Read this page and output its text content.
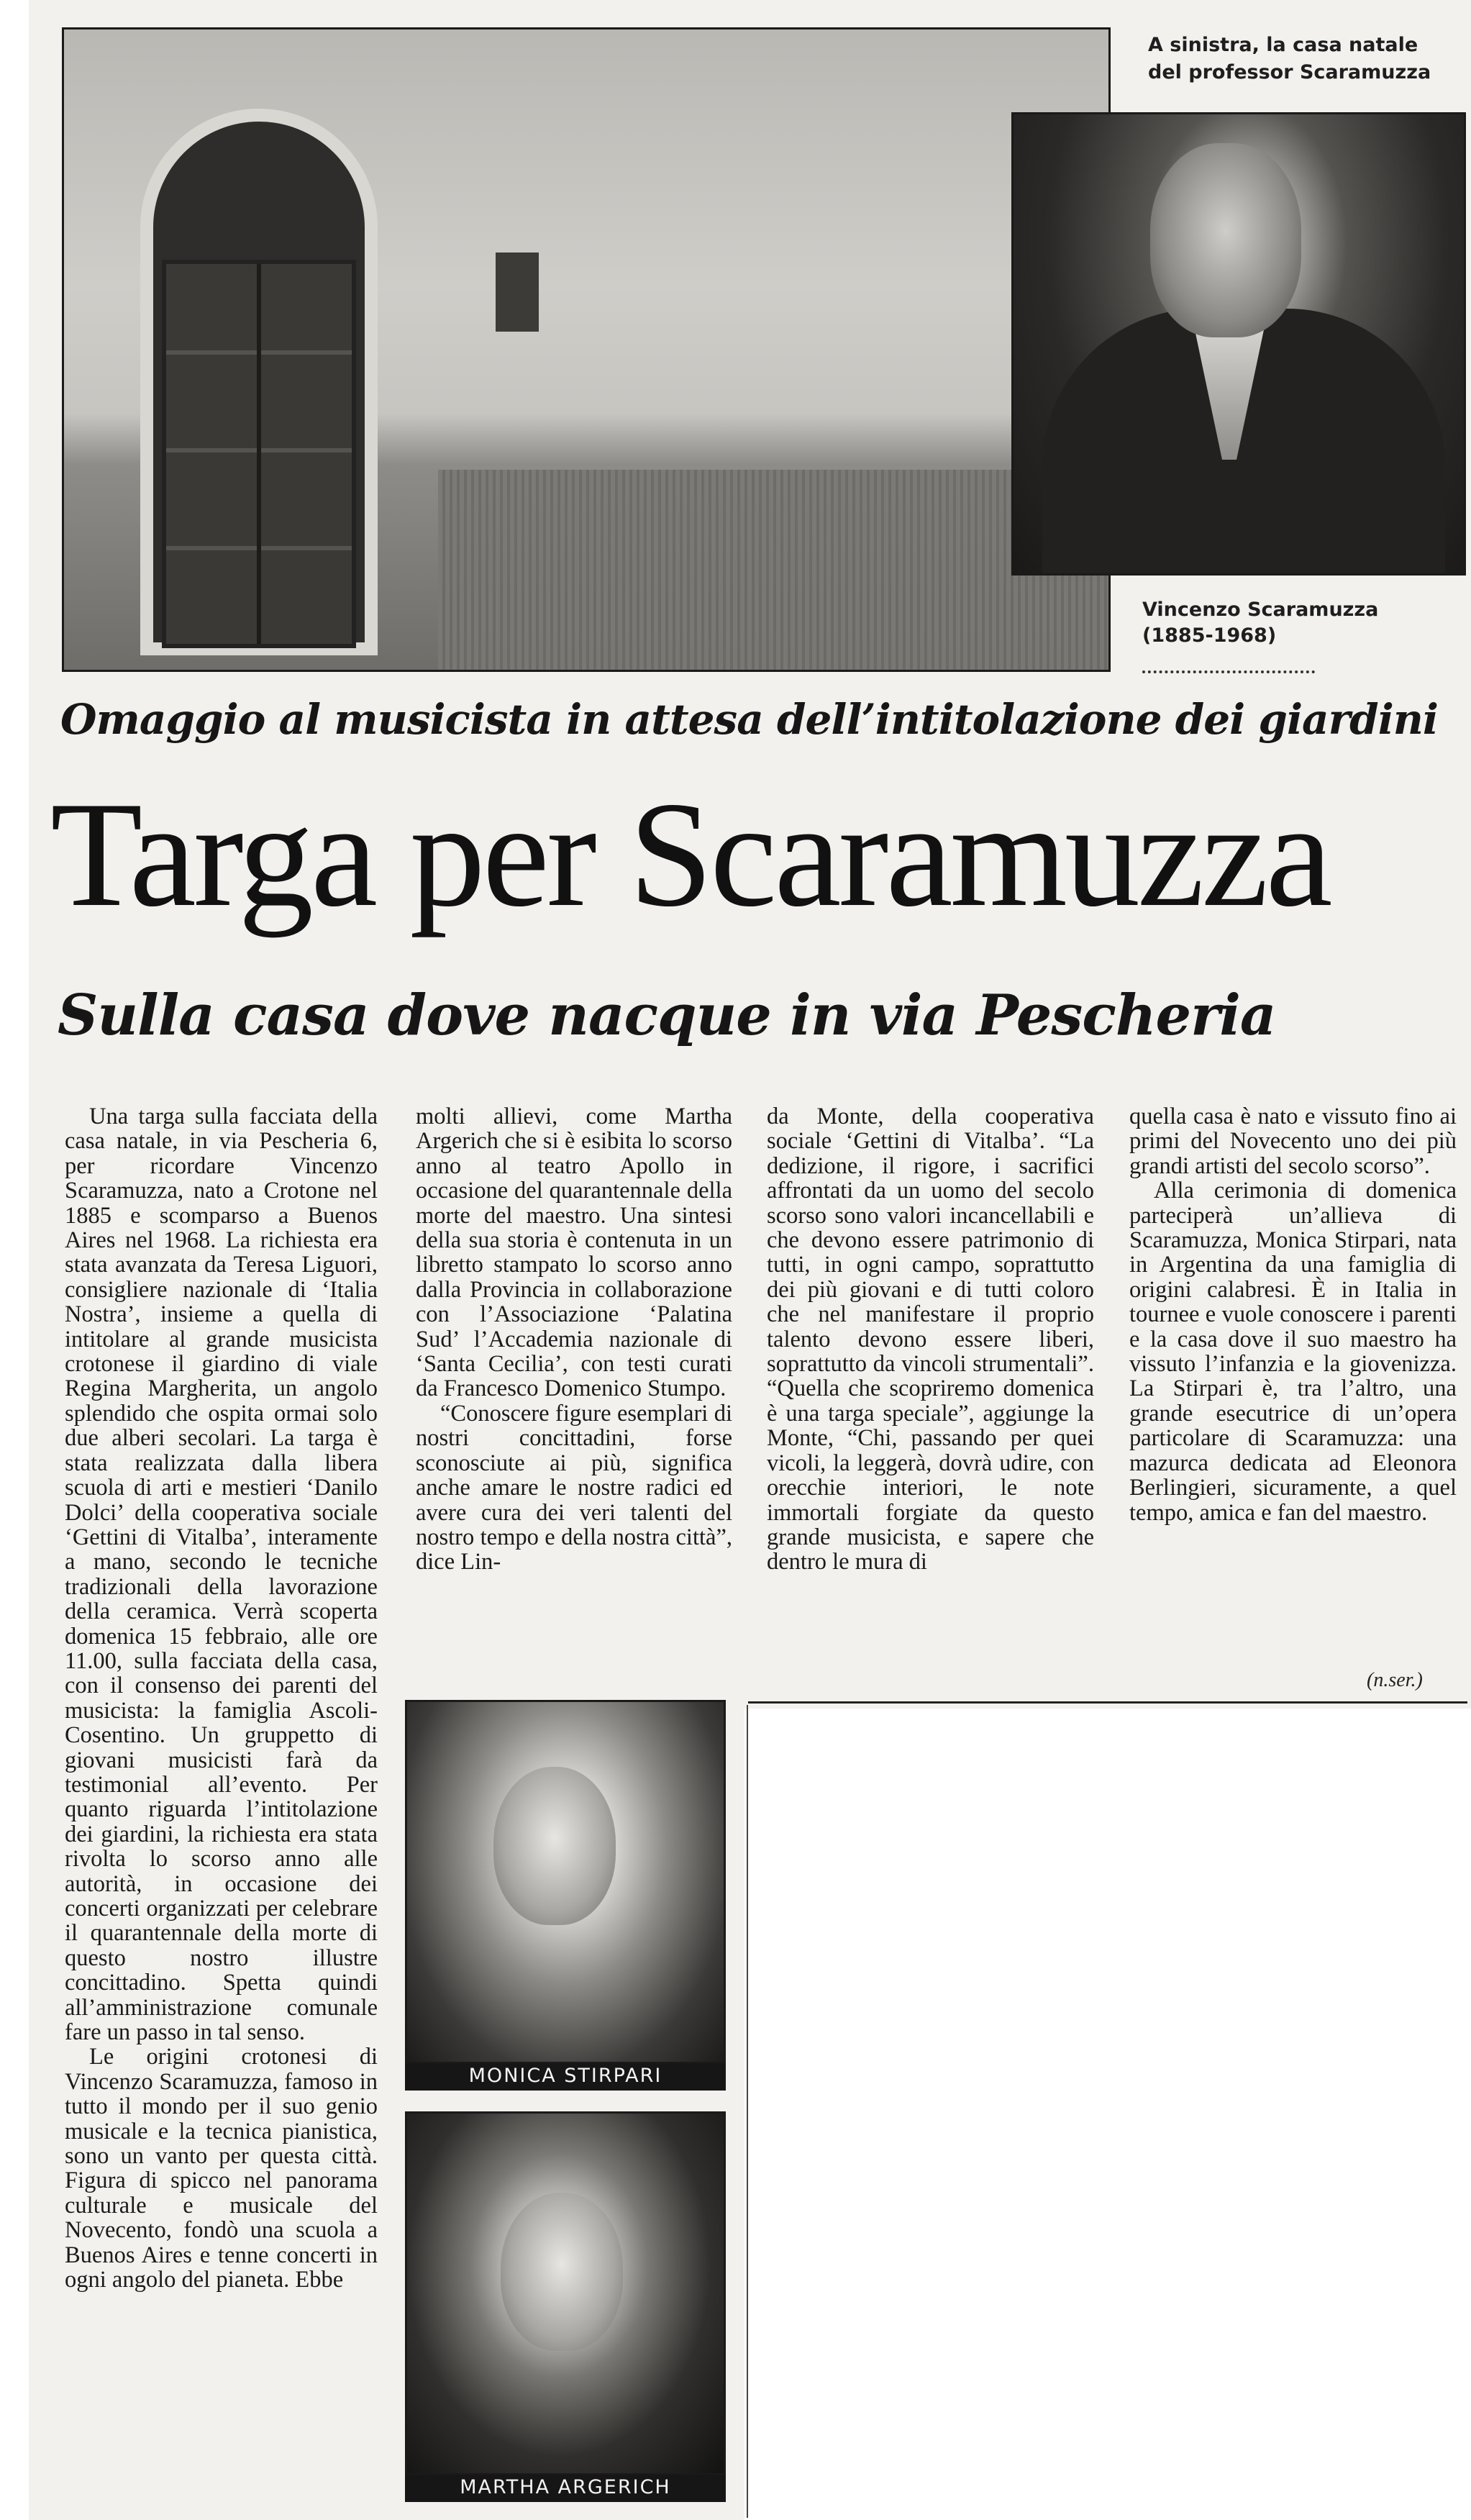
A sinistra, la casa natale
del professor Scaramuzza
Vincenzo Scaramuzza
(1885-1968)
Omaggio al musicista in attesa dell’intitolazione dei giardini
Targa per Scaramuzza
Sulla casa dove nacque in via Pescheria

Una targa sulla facciata della casa natale, in via Pescheria 6, per ricordare Vincenzo Scaramuzza, nato a Crotone nel 1885 e scomparso a Buenos Aires nel 1968. La richiesta era stata avanzata da Teresa Liguori, consigliere nazionale di ‘Italia Nostra’, insieme a quella di intitolare al grande musicista crotonese il giardino di viale Regina Margherita, un angolo splendido che ospita ormai solo due alberi secolari. La targa è stata realizzata dalla libera scuola di arti e mestieri ‘Danilo Dolci’ della cooperativa sociale ‘Gettini di Vitalba’, interamente a mano, secondo le tecniche tradizionali della lavorazione della ceramica. Verrà scoperta domenica 15 febbraio, alle ore 11.00, sulla facciata della casa, con il consenso dei parenti del musicista: la famiglia Ascoli-Cosentino. Un gruppetto di giovani musicisti farà da testimonial all’evento. Per quanto riguarda l’intitolazione dei giardini, la richiesta era stata rivolta lo scorso anno alle autorità, in occasione dei concerti organizzati per celebrare il quarantennale della morte di questo nostro illustre concittadino. Spetta quindi all’amministrazione comunale fare un passo in tal senso.

Le origini crotonesi di Vincenzo Scaramuzza, famoso in tutto il mondo per il suo genio musicale e la tecnica pianistica, sono un vanto per questa città. Figura di spicco nel panorama culturale e musicale del Novecento, fondò una scuola a Buenos Aires e tenne concerti in ogni angolo del pianeta. Ebbe

molti allievi, come Martha Argerich che si è esibita lo scorso anno al teatro Apollo in occasione del quarantennale della morte del maestro. Una sintesi della sua storia è contenuta in un libretto stampato lo scorso anno dalla Provincia in collaborazione con l’Associazione ‘Palatina Sud’ l’Accademia nazionale di ‘Santa Cecilia’, con testi curati da Francesco Domenico Stumpo.

“Conoscere figure esemplari di nostri concittadini, forse sconosciute ai più, significa anche amare le nostre radici ed avere cura dei veri talenti del nostro tempo e della nostra città”, dice Lin-

da Monte, della cooperativa sociale ‘Gettini di Vitalba’. “La dedizione, il rigore, i sacrifici affrontati da un uomo del secolo scorso sono valori incancellabili e che devono essere patrimonio di tutti, in ogni campo, soprattutto dei più giovani e di tutti coloro che nel manifestare il proprio talento devono essere liberi, soprattutto da vincoli strumentali”. “Quella che scopriremo domenica è una targa speciale”, aggiunge la Monte, “Chi, passando per quei vicoli, la leggerà, dovrà udire, con orecchie interiori, le note immortali forgiate da questo grande musicista, e sapere che dentro le mura di

quella casa è nato e vissuto fino ai primi del Novecento uno dei più grandi artisti del secolo scorso”.

Alla cerimonia di domenica parteciperà un’allieva di Scaramuzza, Monica Stirpari, nata in Argentina da una famiglia di origini calabresi. È in Italia in tournee e vuole conoscere i parenti e la casa dove il suo maestro ha vissuto l’infanzia e la giovenizza. La Stirpari è, tra l’altro, una grande esecutrice di un’opera particolare di Scaramuzza: una mazurca dedicata ad Eleonora Berlingieri, sicuramente, a quel tempo, amica e fan del maestro.

(n.ser.)
MONICA STIRPARI
MARTHA ARGERICH
